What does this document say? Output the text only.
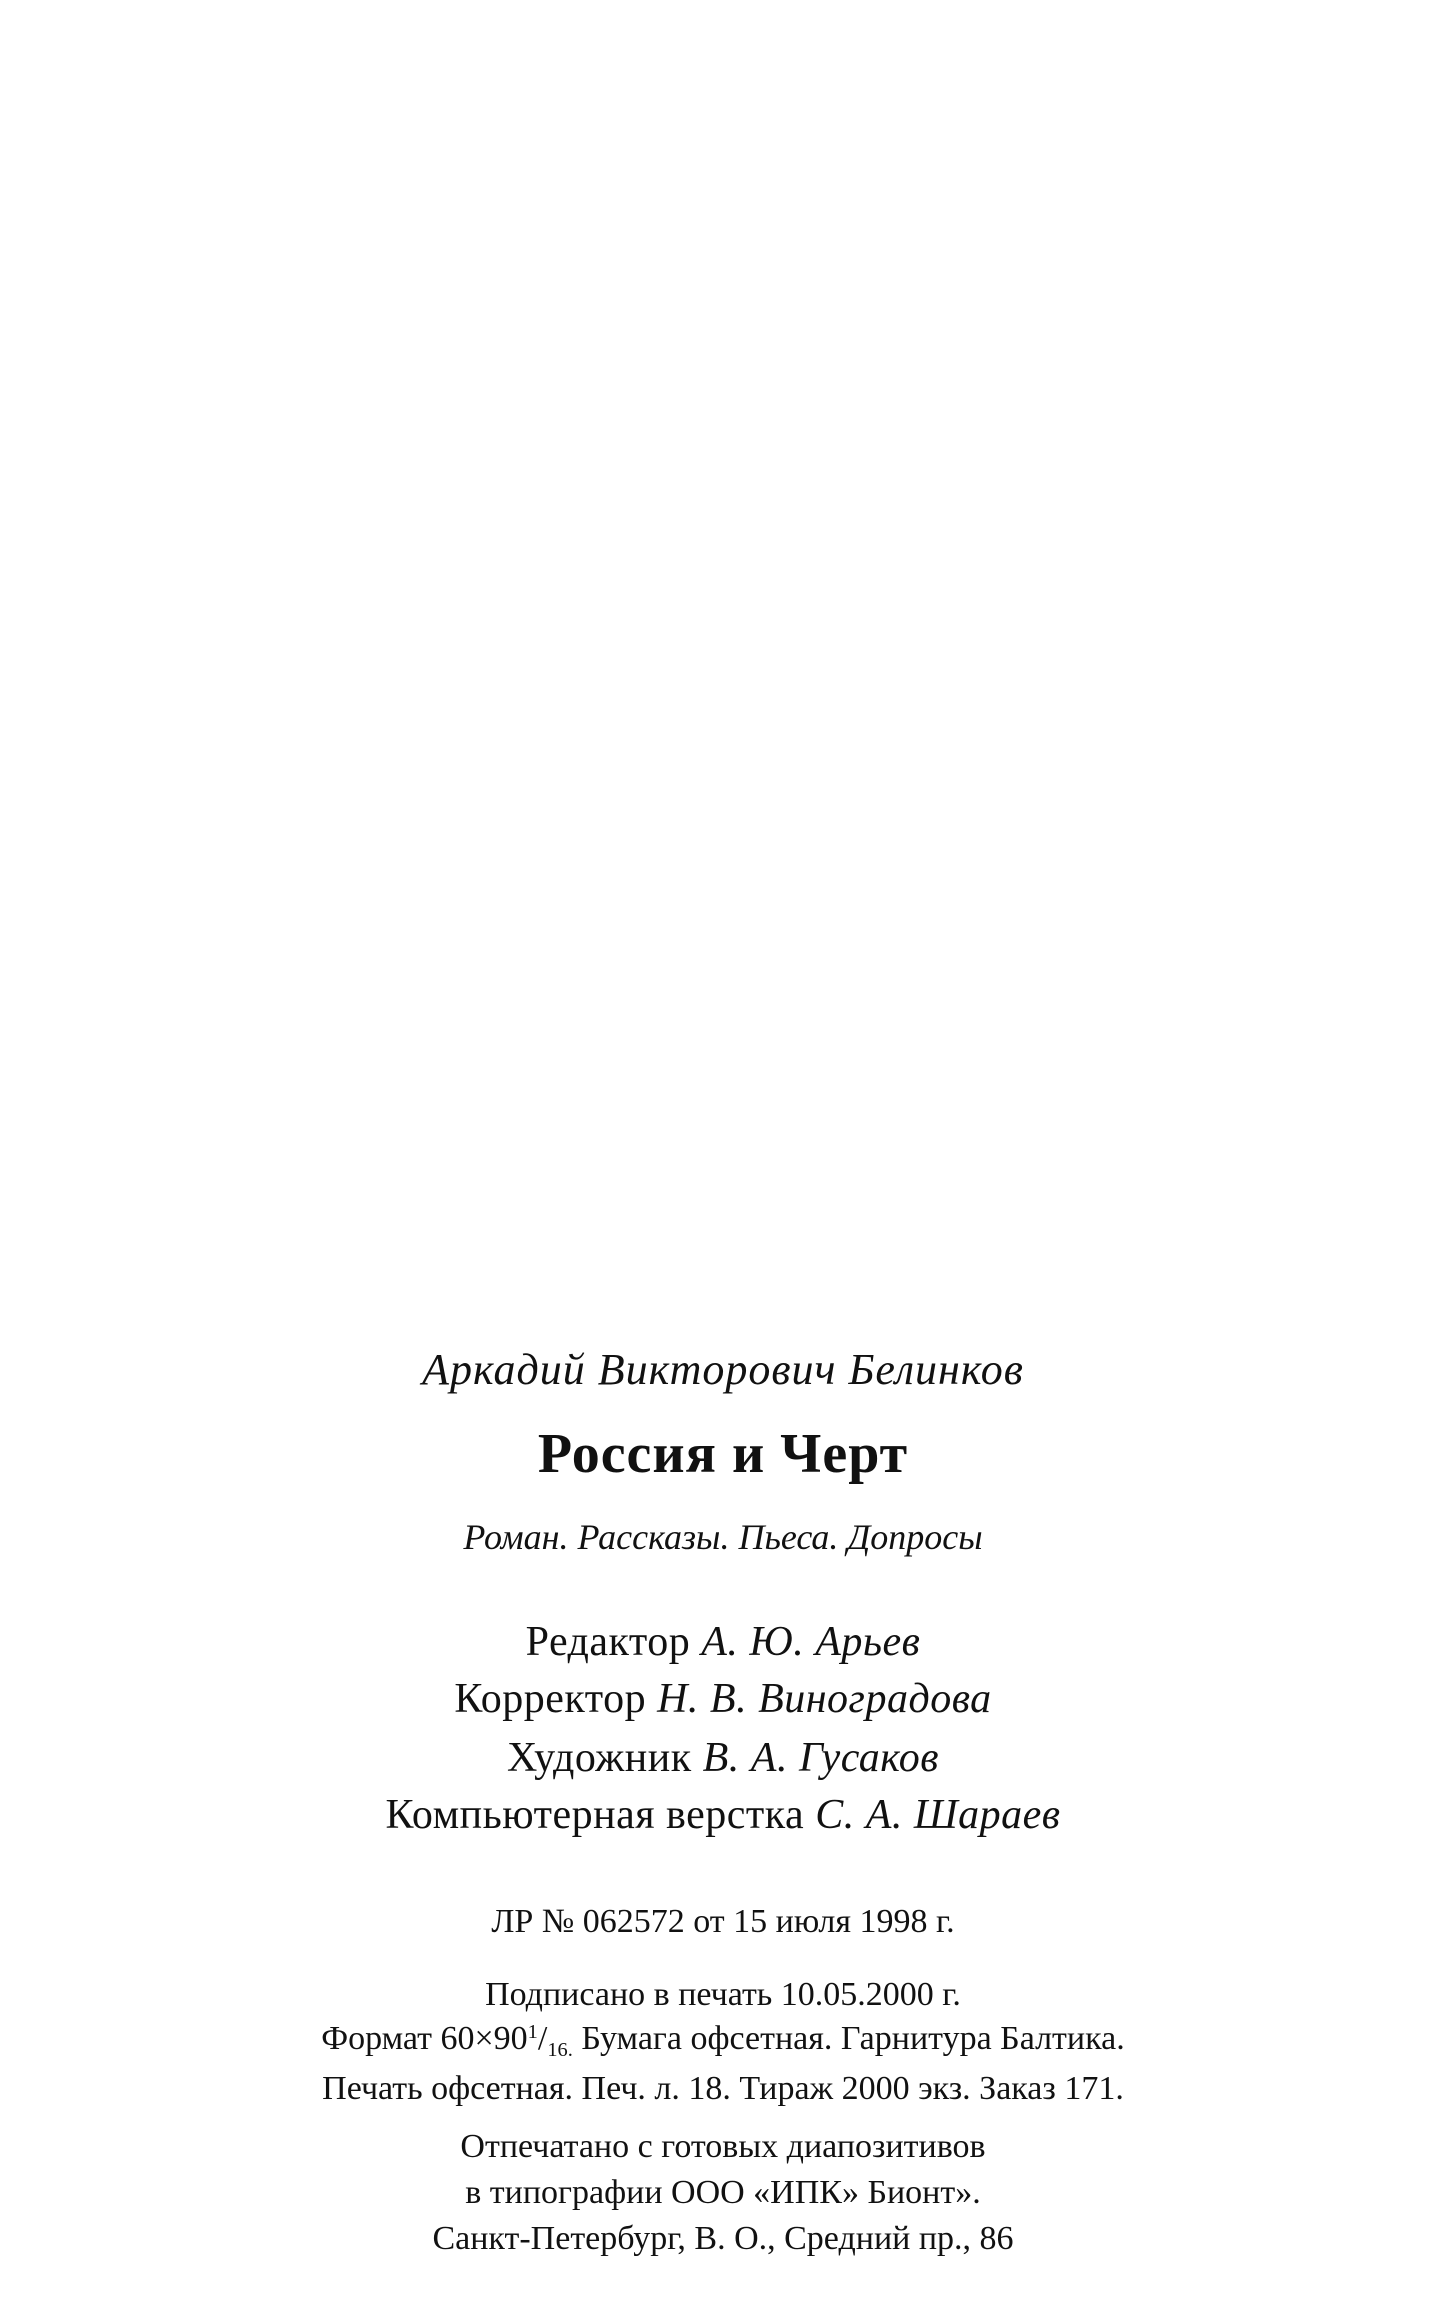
Аркадий Викторович Белинков
Россия и Черт
Роман. Рассказы. Пьеса. Допросы
Редактор А. Ю. Арьев
Корректор Н. В. Виноградова
Художник В. А. Гусаков
Компьютерная верстка С. А. Шараев
ЛР № 062572 от 15 июля 1998 г.
Подписано в печать 10.05.2000 г.
Формат $60\times 90^1/_{16.}$ Бумага офсетная. Гарнитура Балтика.
Печать офсетная. Печ. л. 18. Тираж 2000 экз. Заказ 171.
Отпечатано с готовых диапозитивов
в типографии ООО «ИПК» Бионт».
Санкт-Петербург, В. О., Средний пр., 86
